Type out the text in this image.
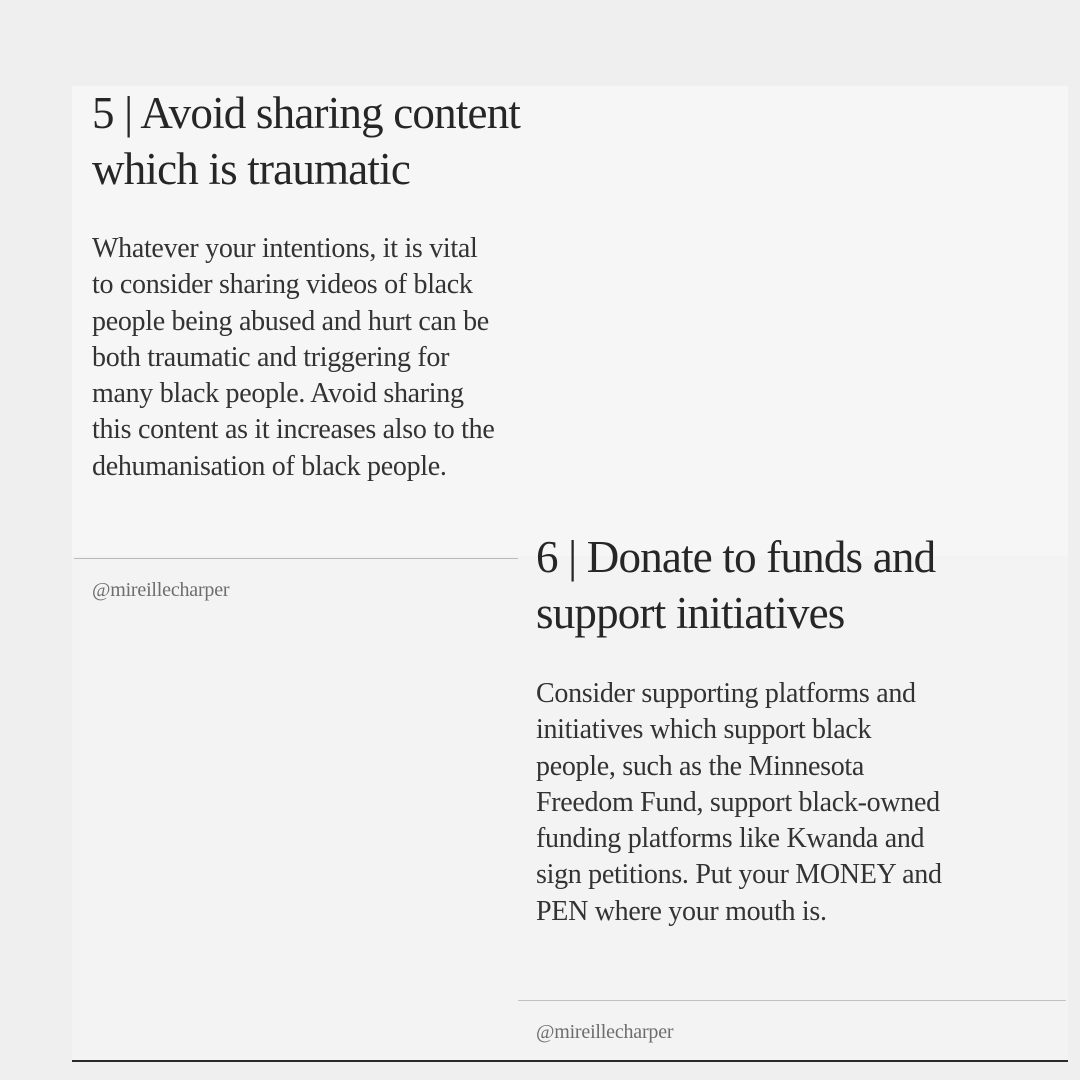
5 | Avoid sharing content
which is traumatic

Whatever your intentions, it is vital
to consider sharing videos of black
people being abused and hurt can be
both traumatic and triggering for
many black people. Avoid sharing
this content as it increases also to the
dehumanisation of black people.

@mireillecharper

6 | Donate to funds and
support initiatives

Consider supporting platforms and
initiatives which support black
people, such as the Minnesota
Freedom Fund, support black-owned
funding platforms like Kwanda and
sign petitions. Put your MONEY and
PEN where your mouth is.

@mireillecharper
